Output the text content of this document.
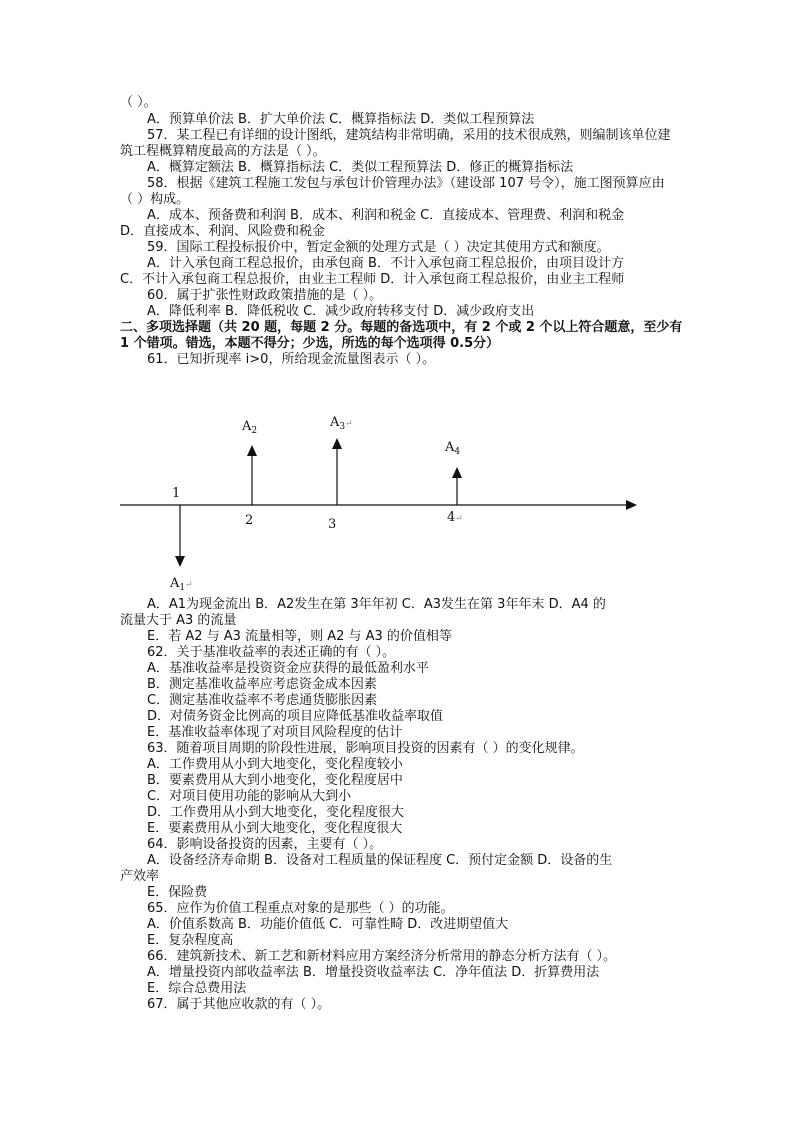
（ ）。
A．预算单价法 B．扩大单价法 C．概算指标法 D．类似工程预算法
57．某工程已有详细的设计图纸，建筑结构非常明确，采用的技术很成熟，则编制该单位建
筑工程概算精度最高的方法是（ ）。
A．概算定额法 B．概算指标法 C．类似工程预算法 D．修正的概算指标法
58．根据《建筑工程施工发包与承包计价管理办法》（建设部 107 号令），施工图预算应由
（ ）构成。
A．成本、预备费和利润 B．成本、利润和税金 C．直接成本、管理费、利润和税金
D．直接成本、利润、风险费和税金
59．国际工程投标报价中，暂定金额的处理方式是（ ）决定其使用方式和额度。
A．计入承包商工程总报价，由承包商 B．不计入承包商工程总报价，由项目设计方
C．不计入承包商工程总报价，由业主工程师 D．计入承包商工程总报价，由业主工程师
60．属于扩张性财政政策措施的是（ ）。
A．降低利率 B．降低税收 C．减少政府转移支付 D．减少政府支出
二、多项选择题（共 20 题，每题 2 分。每题的备选项中，有 2 个或 2 个以上符合题意，至少有
1 个错项。错选，本题不得分；少选，所选的每个选项得 0.5分）
61．已知折现率 i>0，所给现金流量图表示（ ）。
1
2	3	4↵
$A_2$
$A_3^↵$
$A_4$
$A_1^↵$
A．A1为现金流出 B．A2发生在第 3年年初 C．A3发生在第 3年年末 D．A4 的
流量大于 A3 的流量
E．若 A2 与 A3 流量相等，则 A2 与 A3 的价值相等
62．关于基准收益率的表述正确的有（ ）。
A．基准收益率是投资资金应获得的最低盈利水平
B．测定基准收益率应考虑资金成本因素
C．测定基准收益率不考虑通货膨胀因素
D．对债务资金比例高的项目应降低基准收益率取值
E．基准收益率体现了对项目风险程度的估计
63．随着项目周期的阶段性进展，影响项目投资的因素有（ ）的变化规律。
A．工作费用从小到大地变化，变化程度较小
B．要素费用从大到小地变化，变化程度居中
C．对项目使用功能的影响从大到小
D．工作费用从小到大地变化，变化程度很大
E．要素费用从小到大地变化，变化程度很大
64．影响设备投资的因素，主要有（ ）。
A．设备经济寿命期 B．设备对工程质量的保证程度 C．预付定金额 D．设备的生
产效率
E．保险费
65．应作为价值工程重点对象的是那些（ ）的功能。
A．价值系数高 B．功能价值低 C．可靠性畸 D．改进期望值大
E．复杂程度高
66．建筑新技术、新工艺和新材料应用方案经济分析常用的静态分析方法有（ ）。
A．增量投资内部收益率法 B．增量投资收益率法 C．净年值法 D．折算费用法
E．综合总费用法
67．属于其他应收款的有（ ）。
